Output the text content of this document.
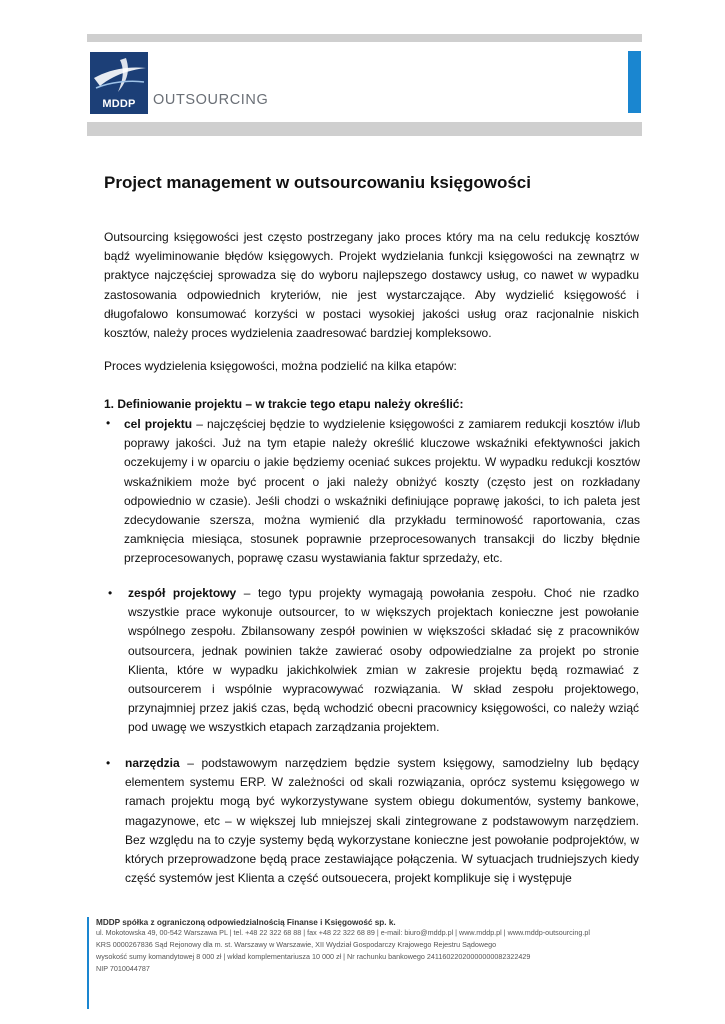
MDDP	OUTSOURCING
Project management w outsourcowaniu księgowości
Outsourcing księgowości jest często postrzegany jako proces który ma na celu redukcję kosztów bądź wyeliminowanie błędów księgowych. Projekt wydzielania funkcji księgowości na zewnątrz w praktyce najczęściej sprowadza się do wyboru najlepszego dostawcy usług, co nawet w wypadku zastosowania odpowiednich kryteriów, nie jest wystarczające. Aby wydzielić księgowość i długofalowo konsumować korzyści w postaci wysokiej jakości usług oraz racjonalnie niskich kosztów, należy proces wydzielenia zaadresować bardziej kompleksowo.
Proces wydzielenia księgowości, można podzielić na kilka etapów:
1. Definiowanie projektu – w trakcie tego etapu należy określić:
• cel projektu – najczęściej będzie to wydzielenie księgowości z zamiarem redukcji kosztów i/lub poprawy jakości. Już na tym etapie należy określić kluczowe wskaźniki efektywności jakich oczekujemy i w oparciu o jakie będziemy oceniać sukces projektu. W wypadku redukcji kosztów wskaźnikiem może być procent o jaki należy obniżyć koszty (często jest on rozkładany odpowiednio w czasie). Jeśli chodzi o wskaźniki definiujące poprawę jakości, to ich paleta jest zdecydowanie szersza, można wymienić dla przykładu terminowość raportowania, czas zamknięcia miesiąca, stosunek poprawnie przeprocesowanych transakcji do liczby błędnie przeprocesowanych, poprawę czasu wystawiania faktur sprzedaży, etc.
• zespół projektowy – tego typu projekty wymagają powołania zespołu. Choć nie rzadko wszystkie prace wykonuje outsourcer, to w większych projektach konieczne jest powołanie wspólnego zespołu. Zbilansowany zespół powinien w większości składać się z pracowników outsourcera, jednak powinien także zawierać osoby odpowiedzialne za projekt po stronie Klienta, które w wypadku jakichkolwiek zmian w zakresie projektu będą rozmawiać z outsourcerem i wspólnie wypracowywać rozwiązania. W skład zespołu projektowego, przynajmniej przez jakiś czas, będą wchodzić obecni pracownicy księgowości, co należy wziąć pod uwagę we wszystkich etapach zarządzania projektem.
• narzędzia – podstawowym narzędziem będzie system księgowy, samodzielny lub będący elementem systemu ERP. W zależności od skali rozwiązania, oprócz systemu księgowego w ramach projektu mogą być wykorzystywane system obiegu dokumentów, systemy bankowe, magazynowe, etc – w większej lub mniejszej skali zintegrowane z podstawowym narzędziem. Bez względu na to czyje systemy będą wykorzystane konieczne jest powołanie podprojektów, w których przeprowadzone będą prace zestawiające połączenia. W sytuacjach trudniejszych kiedy część systemów jest Klienta a część outsouecera, projekt komplikuje się i występuje
MDDP spółka z ograniczoną odpowiedzialnością Finanse i Księgowość sp. k.
ul. Mokotowska 49, 00-542 Warszawa PL | tel. +48 22 322 68 88 | fax +48 22 322 68 89 | e-mail: biuro@mddp.pl | www.mddp.pl | www.mddp-outsourcing.pl
KRS 0000267836 Sąd Rejonowy dla m. st. Warszawy w Warszawie, XII Wydział Gospodarczy Krajowego Rejestru Sądowego
wysokość sumy komandytowej 8 000 zł | wkład komplementariusza 10 000 zł | Nr rachunku bankowego 24116022020000000082322429
NIP 7010044787
